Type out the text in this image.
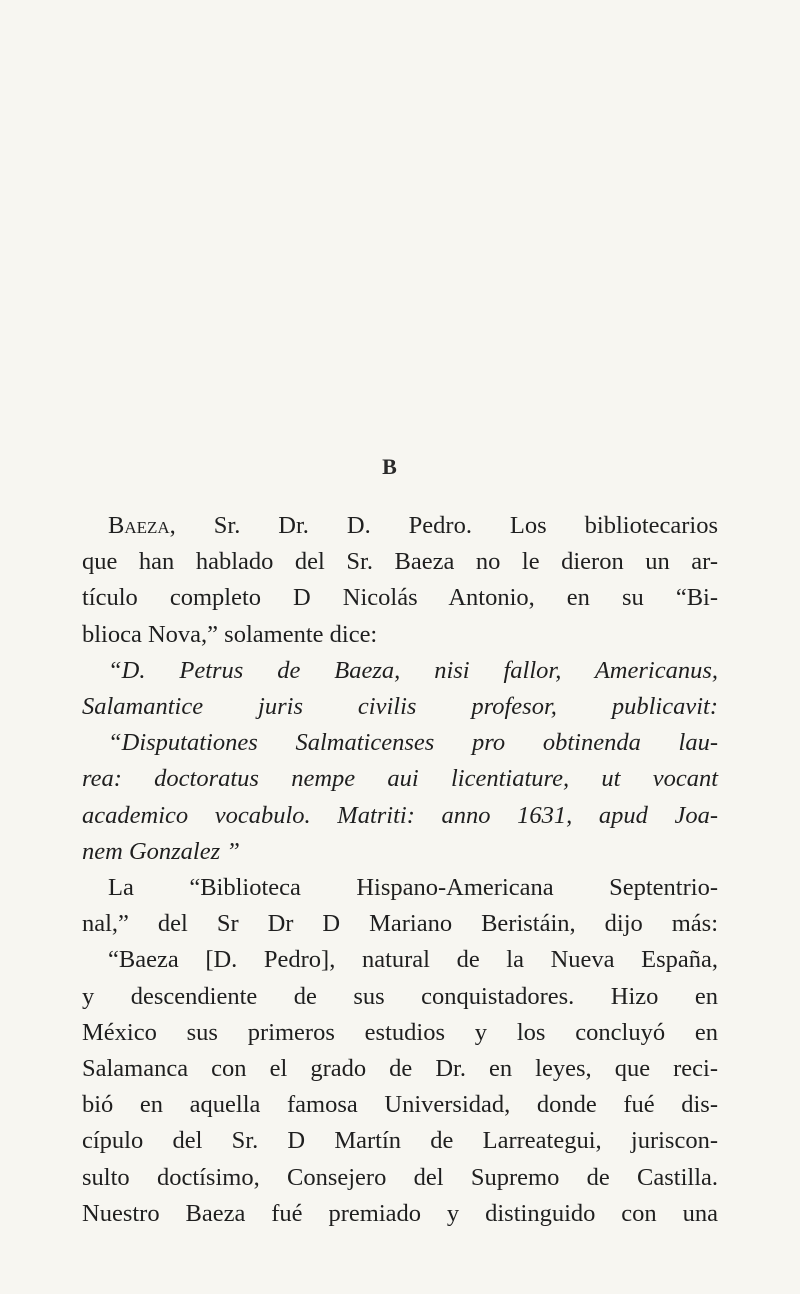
B
Baeza, Sr. Dr. D. Pedro. Los bibliotecarios
que han hablado del Sr. Baeza no le dieron un ar-
tículo completo D Nicolás Antonio, en su “Bi-
blioca Nova,” solamente dice:
“D. Petrus de Baeza, nisi fallor, Americanus,
Salamantice juris civilis profesor, publicavit:
“Disputationes Salmaticenses pro obtinenda lau-
rea: doctoratus nempe aui licentiature, ut vocant
academico vocabulo. Matriti: anno 1631, apud Joa-
nem Gonzalez ”
La “Biblioteca Hispano-Americana Septentrio-
nal,” del Sr Dr D Mariano Beristáin, dijo más:
“Baeza [D. Pedro], natural de la Nueva España,
y descendiente de sus conquistadores. Hizo en
México sus primeros estudios y los concluyó en
Salamanca con el grado de Dr. en leyes, que reci-
bió en aquella famosa Universidad, donde fué dis-
cípulo del Sr. D Martín de Larreategui, juriscon-
sulto doctísimo, Consejero del Supremo de Castilla.
Nuestro Baeza fué premiado y distinguido con una
